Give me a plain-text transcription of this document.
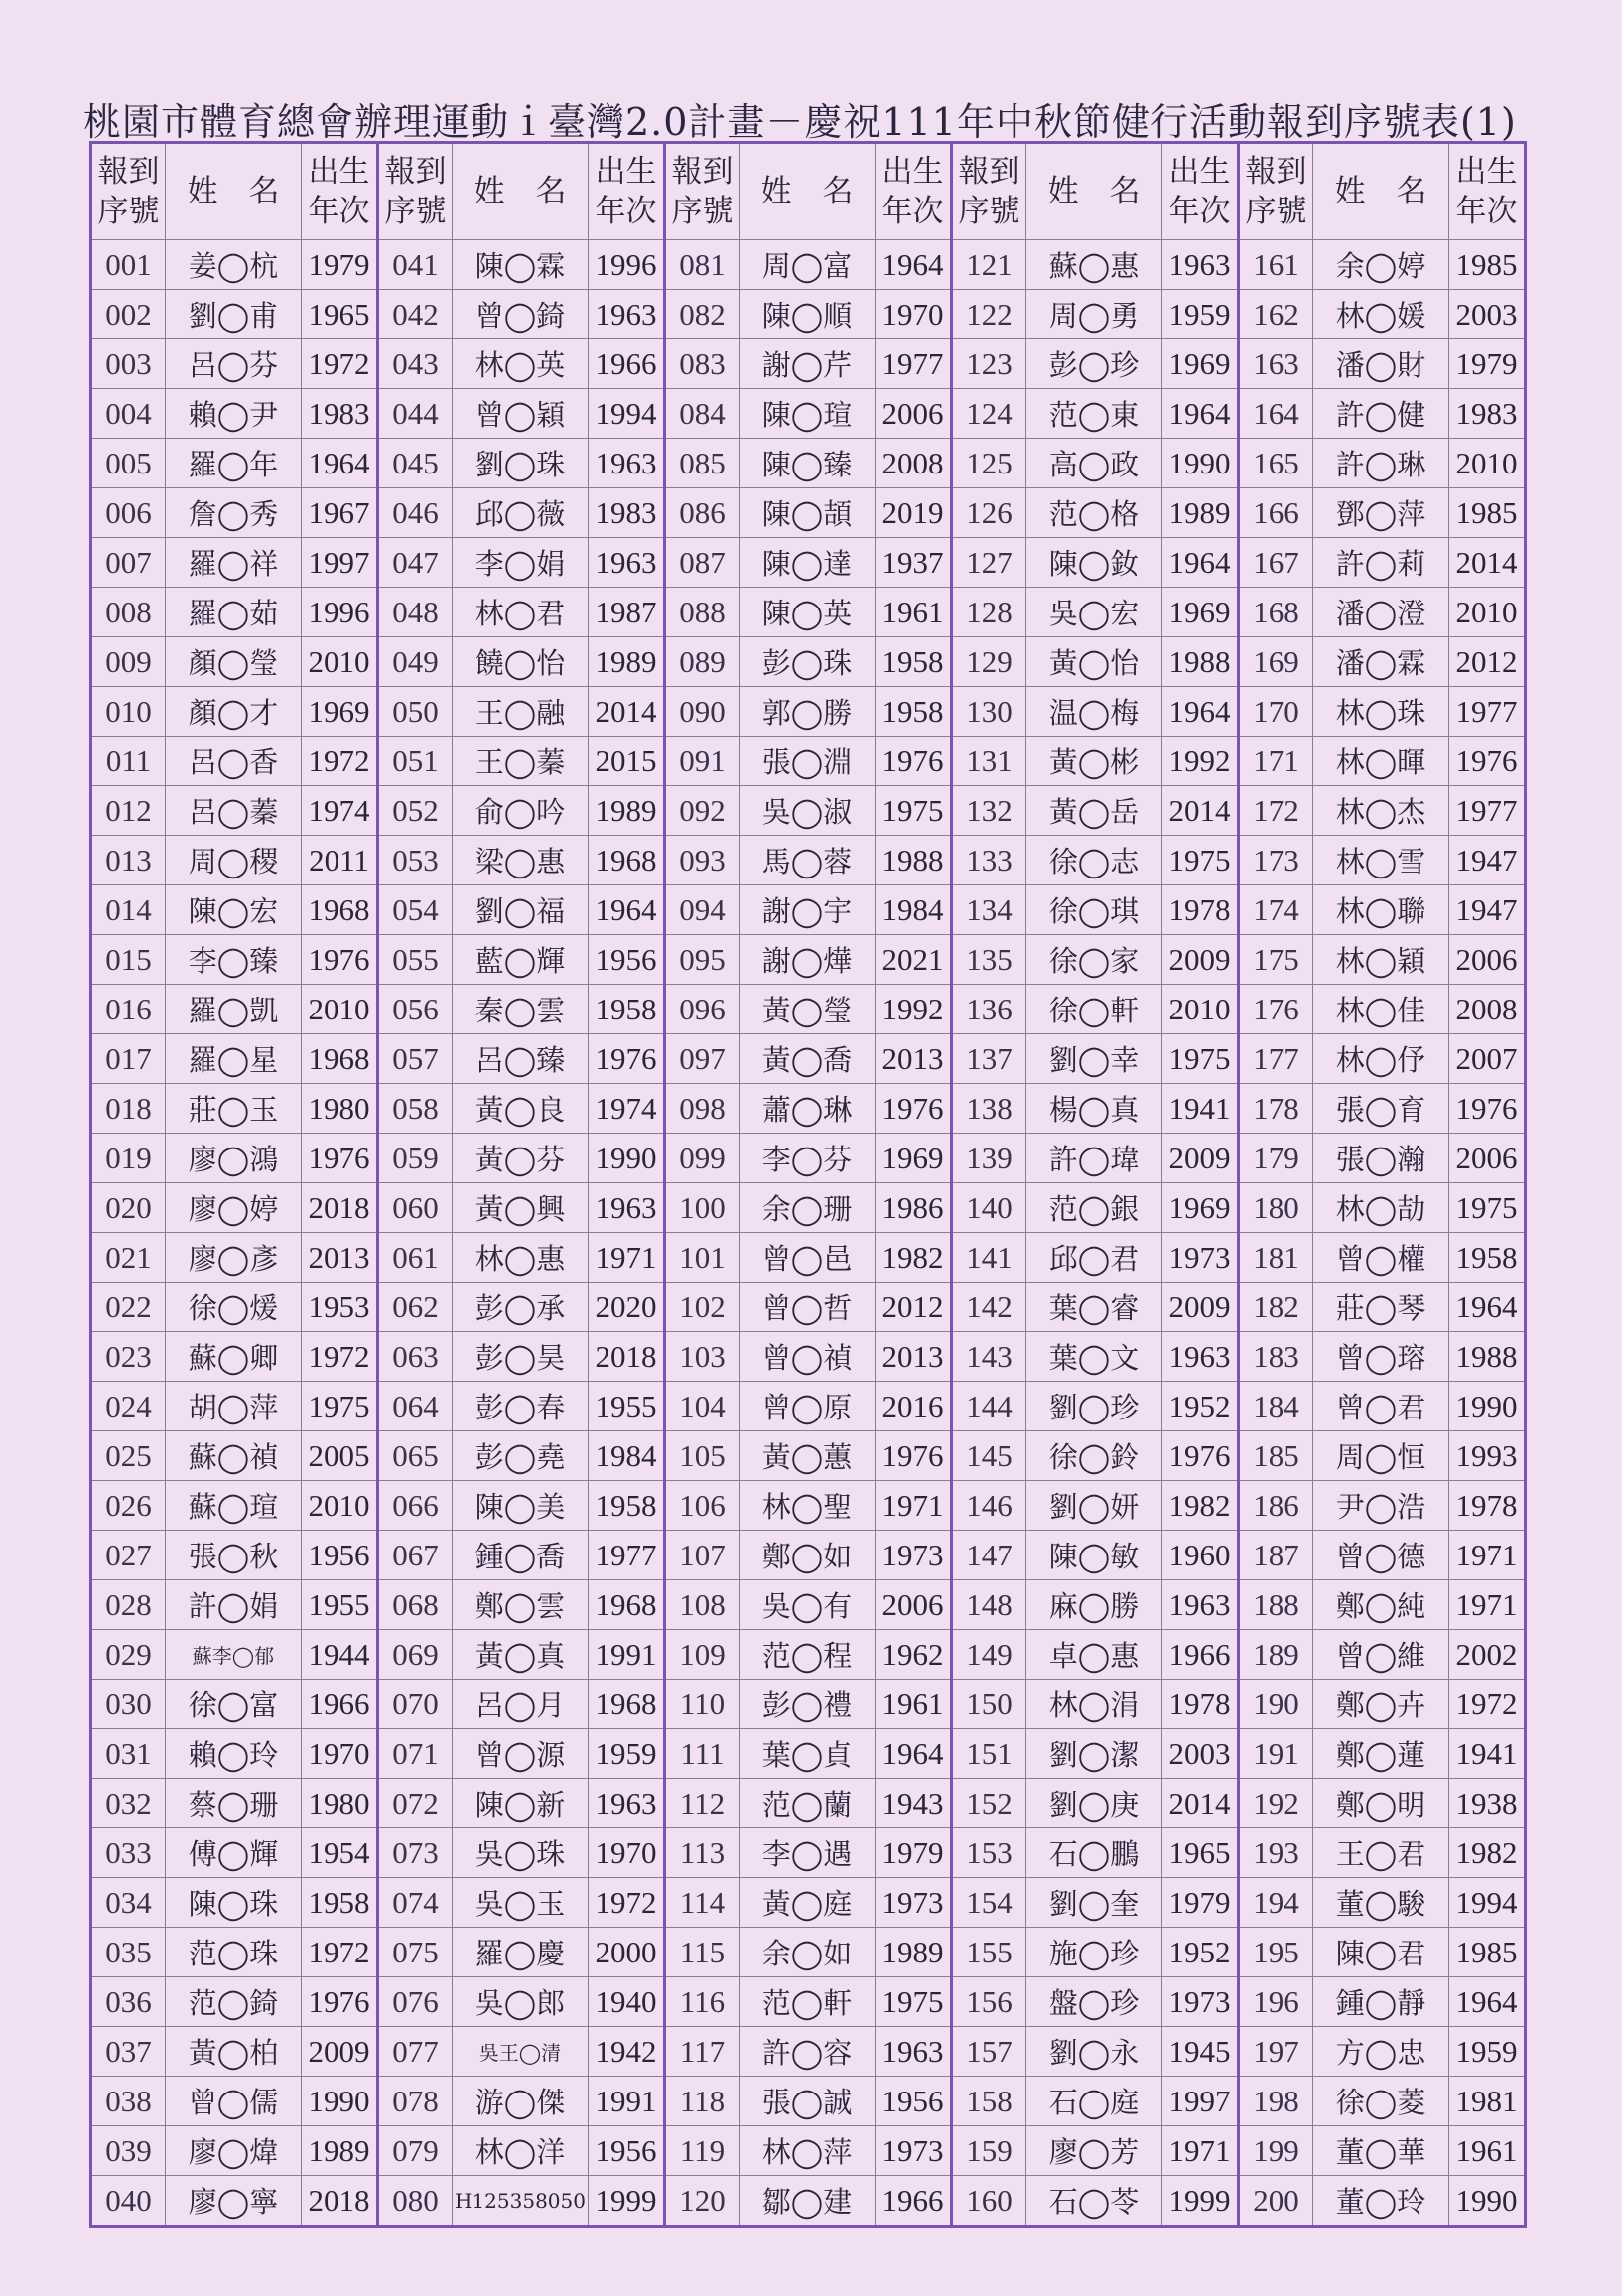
桃園市體育總會辦理運動ｉ臺灣2.0計畫－慶祝111年中秋節健行活動報到序號表(1)
報到序號	姓　名	出生年次	報到序號	姓　名	出生年次	報到序號	姓　名	出生年次	報到序號	姓　名	出生年次	報到序號	姓　名	出生年次
001	姜◯杭	1979	041	陳◯霖	1996	081	周◯富	1964	121	蘇◯惠	1963	161	余◯婷	1985
002	劉◯甫	1965	042	曾◯錡	1963	082	陳◯順	1970	122	周◯勇	1959	162	林◯媛	2003
003	呂◯芬	1972	043	林◯英	1966	083	謝◯芹	1977	123	彭◯珍	1969	163	潘◯財	1979
004	賴◯尹	1983	044	曾◯穎	1994	084	陳◯瑄	2006	124	范◯東	1964	164	許◯健	1983
005	羅◯年	1964	045	劉◯珠	1963	085	陳◯臻	2008	125	高◯政	1990	165	許◯琳	2010
006	詹◯秀	1967	046	邱◯薇	1983	086	陳◯頡	2019	126	范◯格	1989	166	鄧◯萍	1985
007	羅◯祥	1997	047	李◯娟	1963	087	陳◯達	1937	127	陳◯釹	1964	167	許◯莉	2014
008	羅◯茹	1996	048	林◯君	1987	088	陳◯英	1961	128	吳◯宏	1969	168	潘◯澄	2010
009	顏◯瑩	2010	049	饒◯怡	1989	089	彭◯珠	1958	129	黃◯怡	1988	169	潘◯霖	2012
010	顏◯才	1969	050	王◯融	2014	090	郭◯勝	1958	130	温◯梅	1964	170	林◯珠	1977
011	呂◯香	1972	051	王◯蓁	2015	091	張◯淵	1976	131	黃◯彬	1992	171	林◯暉	1976
012	呂◯蓁	1974	052	俞◯吟	1989	092	吳◯淑	1975	132	黃◯岳	2014	172	林◯杰	1977
013	周◯稷	2011	053	梁◯惠	1968	093	馬◯蓉	1988	133	徐◯志	1975	173	林◯雪	1947
014	陳◯宏	1968	054	劉◯福	1964	094	謝◯宇	1984	134	徐◯琪	1978	174	林◯聯	1947
015	李◯臻	1976	055	藍◯輝	1956	095	謝◯燁	2021	135	徐◯家	2009	175	林◯穎	2006
016	羅◯凱	2010	056	秦◯雲	1958	096	黃◯瑩	1992	136	徐◯軒	2010	176	林◯佳	2008
017	羅◯星	1968	057	呂◯臻	1976	097	黃◯喬	2013	137	劉◯幸	1975	177	林◯伃	2007
018	莊◯玉	1980	058	黃◯良	1974	098	蕭◯琳	1976	138	楊◯真	1941	178	張◯育	1976
019	廖◯鴻	1976	059	黃◯芬	1990	099	李◯芬	1969	139	許◯瑋	2009	179	張◯瀚	2006
020	廖◯婷	2018	060	黃◯興	1963	100	余◯珊	1986	140	范◯銀	1969	180	林◯劼	1975
021	廖◯彥	2013	061	林◯惠	1971	101	曾◯邑	1982	141	邱◯君	1973	181	曾◯權	1958
022	徐◯煖	1953	062	彭◯承	2020	102	曾◯哲	2012	142	葉◯睿	2009	182	莊◯琴	1964
023	蘇◯卿	1972	063	彭◯昊	2018	103	曾◯禎	2013	143	葉◯文	1963	183	曾◯瑢	1988
024	胡◯萍	1975	064	彭◯春	1955	104	曾◯原	2016	144	劉◯珍	1952	184	曾◯君	1990
025	蘇◯禎	2005	065	彭◯堯	1984	105	黃◯蕙	1976	145	徐◯鈴	1976	185	周◯恒	1993
026	蘇◯瑄	2010	066	陳◯美	1958	106	林◯聖	1971	146	劉◯妍	1982	186	尹◯浩	1978
027	張◯秋	1956	067	鍾◯喬	1977	107	鄭◯如	1973	147	陳◯敏	1960	187	曾◯德	1971
028	許◯娟	1955	068	鄭◯雲	1968	108	吳◯有	2006	148	麻◯勝	1963	188	鄭◯純	1971
029	蘇李◯郁	1944	069	黃◯真	1991	109	范◯程	1962	149	卓◯惠	1966	189	曾◯維	2002
030	徐◯富	1966	070	呂◯月	1968	110	彭◯禮	1961	150	林◯涓	1978	190	鄭◯卉	1972
031	賴◯玲	1970	071	曾◯源	1959	111	葉◯貞	1964	151	劉◯潔	2003	191	鄭◯蓮	1941
032	蔡◯珊	1980	072	陳◯新	1963	112	范◯蘭	1943	152	劉◯庚	2014	192	鄭◯明	1938
033	傅◯輝	1954	073	吳◯珠	1970	113	李◯遇	1979	153	石◯鵬	1965	193	王◯君	1982
034	陳◯珠	1958	074	吳◯玉	1972	114	黃◯庭	1973	154	劉◯奎	1979	194	董◯駿	1994
035	范◯珠	1972	075	羅◯慶	2000	115	余◯如	1989	155	施◯珍	1952	195	陳◯君	1985
036	范◯錡	1976	076	吳◯郎	1940	116	范◯軒	1975	156	盤◯珍	1973	196	鍾◯靜	1964
037	黃◯柏	2009	077	吳王◯清	1942	117	許◯容	1963	157	劉◯永	1945	197	方◯忠	1959
038	曾◯儒	1990	078	游◯傑	1991	118	張◯誠	1956	158	石◯庭	1997	198	徐◯菱	1981
039	廖◯煒	1989	079	林◯洋	1956	119	林◯萍	1973	159	廖◯芳	1971	199	董◯華	1961
040	廖◯寧	2018	080	H125358050	1999	120	鄒◯建	1966	160	石◯苓	1999	200	董◯玲	1990
